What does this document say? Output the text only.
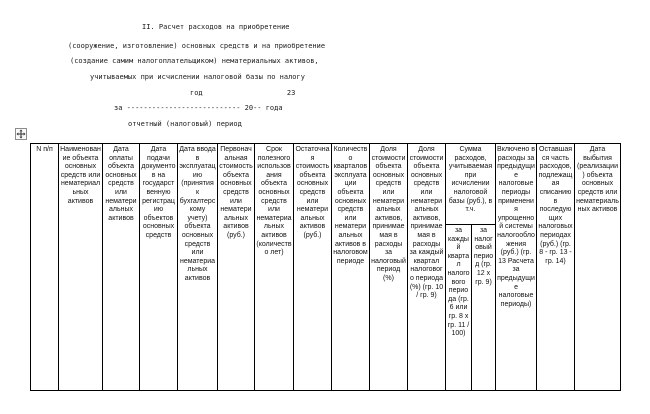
II. Расчет расходов на приобретение
(сооружение, изготовление) основных средств и на приобретение
(создание самим налогоплательщиком) нематериальных активов,
учитываемых при исчислении налоговой базы по налогу
год                    23
за --------------------------- 20-- года
отчетный (налоговый) период
N п/п	Наименование объекта основных средств или нематериальных активов	Дата оплаты объекта основных средств или нематериальных активов	Дата подачи документов на государственную регистрацию объектов основных средств	Дата ввода в эксплуатацию (принятия к бухгалтерскому учету) объекта основных средств или нематериальных активов	Первоначальная стоимость объекта основных средств или нематериальных активов (руб.)	Срок полезного использования объекта основных средств или нематериальных активов (количество лет)	Остаточная стоимость объекта основных средств или нематериальных активов (руб.)	Количество кварталов эксплуатации объекта основных средств или нематериальных активов в налоговом периоде	Доля стоимости объекта основных средств или нематериальных активов, принимаемая в расходы за налоговый период (%)	Доля стоимости объекта основных средств или нематериальных активов, принимаемая в расходы за каждый квартал налогового периода (%) (гр. 10 / гр. 9)	Сумма расходов, учитываемая при исчислении налоговой базы (руб.), в т.ч.		Включено в расходы за предыдущие налоговые периоды применения упрощенной системы налогообложения (руб.) (гр. 13 Расчета за предыдущие налоговые периоды)	Оставшаяся часть расходов, подлежащая списанию в последующих налоговых периодах (руб.) (гр. 8 - гр. 13 - гр. 14)	Дата выбытия (реализации) объекта основных средств или нематериальных активов
											за каждый квартал налогового периода (гр. 6 или гр. 8 x гр. 11 / 100)	за налоговый период (гр. 12 x гр. 9)			
